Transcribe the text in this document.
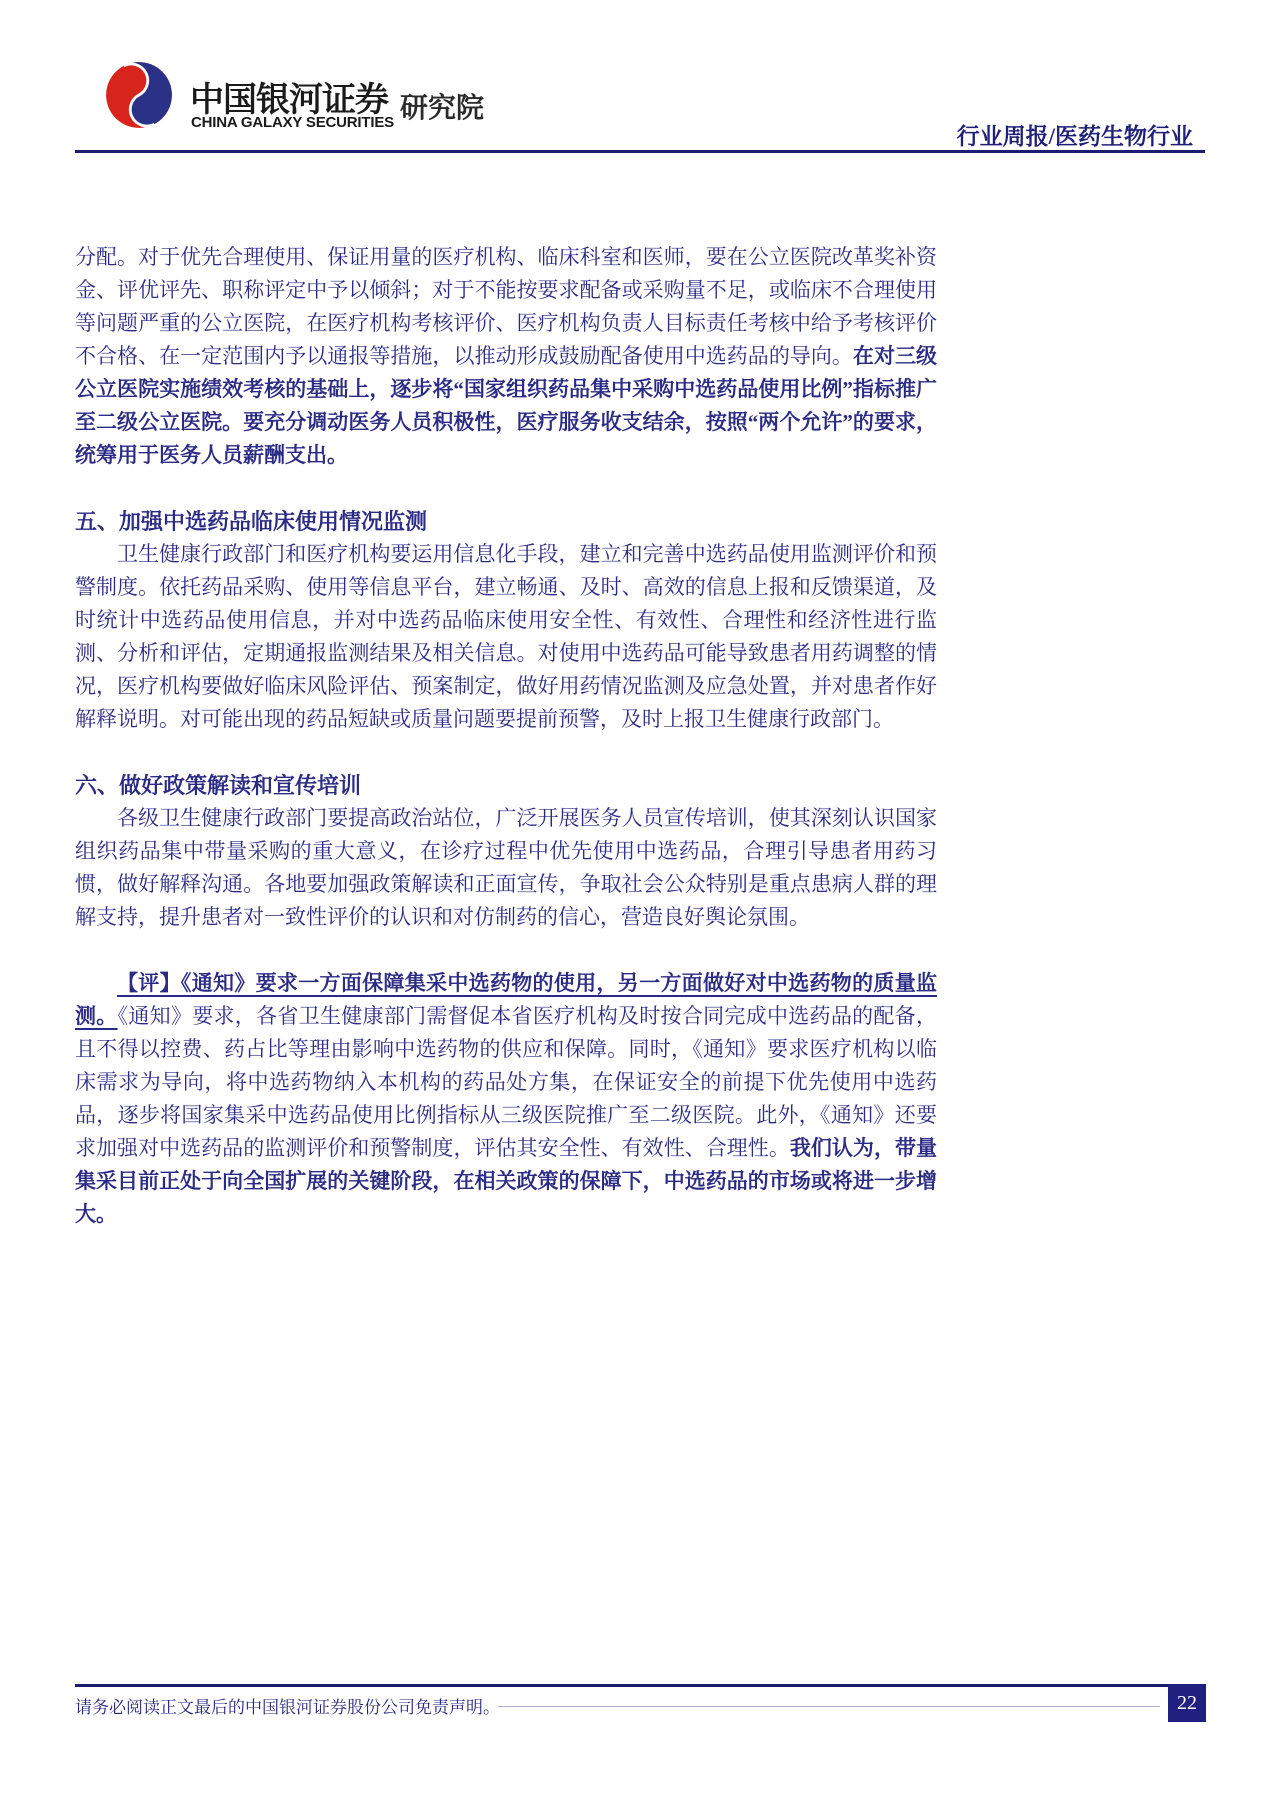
中国银河证券
CHINA GALAXY SECURITIES 研究院
行业周报/医药生物行业

分配。对于优先合理使用、保证用量的医疗机构、临床科室和医师，要在公立医院改革奖补资金、评优评先、职称评定中予以倾斜；对于不能按要求配备或采购量不足，或临床不合理使用等问题严重的公立医院，在医疗机构考核评价、医疗机构负责人目标责任考核中给予考核评价不合格、在一定范围内予以通报等措施，以推动形成鼓励配备使用中选药品的导向。在对三级公立医院实施绩效考核的基础上，逐步将“国家组织药品集中采购中选药品使用比例”指标推广至二级公立医院。要充分调动医务人员积极性，医疗服务收支结余，按照“两个允许”的要求，统筹用于医务人员薪酬支出。

五、加强中选药品临床使用情况监测

卫生健康行政部门和医疗机构要运用信息化手段，建立和完善中选药品使用监测评价和预警制度。依托药品采购、使用等信息平台，建立畅通、及时、高效的信息上报和反馈渠道，及时统计中选药品使用信息，并对中选药品临床使用安全性、有效性、合理性和经济性进行监测、分析和评估，定期通报监测结果及相关信息。对使用中选药品可能导致患者用药调整的情况，医疗机构要做好临床风险评估、预案制定，做好用药情况监测及应急处置，并对患者作好解释说明。对可能出现的药品短缺或质量问题要提前预警，及时上报卫生健康行政部门。

六、做好政策解读和宣传培训

各级卫生健康行政部门要提高政治站位，广泛开展医务人员宣传培训，使其深刻认识国家组织药品集中带量采购的重大意义，在诊疗过程中优先使用中选药品，合理引导患者用药习惯，做好解释沟通。各地要加强政策解读和正面宣传，争取社会公众特别是重点患病人群的理解支持，提升患者对一致性评价的认识和对仿制药的信心，营造良好舆论氛围。

【评】《通知》要求一方面保障集采中选药物的使用，另一方面做好对中选药物的质量监测。《通知》要求，各省卫生健康部门需督促本省医疗机构及时按合同完成中选药品的配备，且不得以控费、药占比等理由影响中选药物的供应和保障。同时，《通知》要求医疗机构以临床需求为导向，将中选药物纳入本机构的药品处方集，在保证安全的前提下优先使用中选药品，逐步将国家集采中选药品使用比例指标从三级医院推广至二级医院。此外，《通知》还要求加强对中选药品的监测评价和预警制度，评估其安全性、有效性、合理性。我们认为，带量集采目前正处于向全国扩展的关键阶段，在相关政策的保障下，中选药品的市场或将进一步增大。

请务必阅读正文最后的中国银河证券股份公司免责声明。	22
